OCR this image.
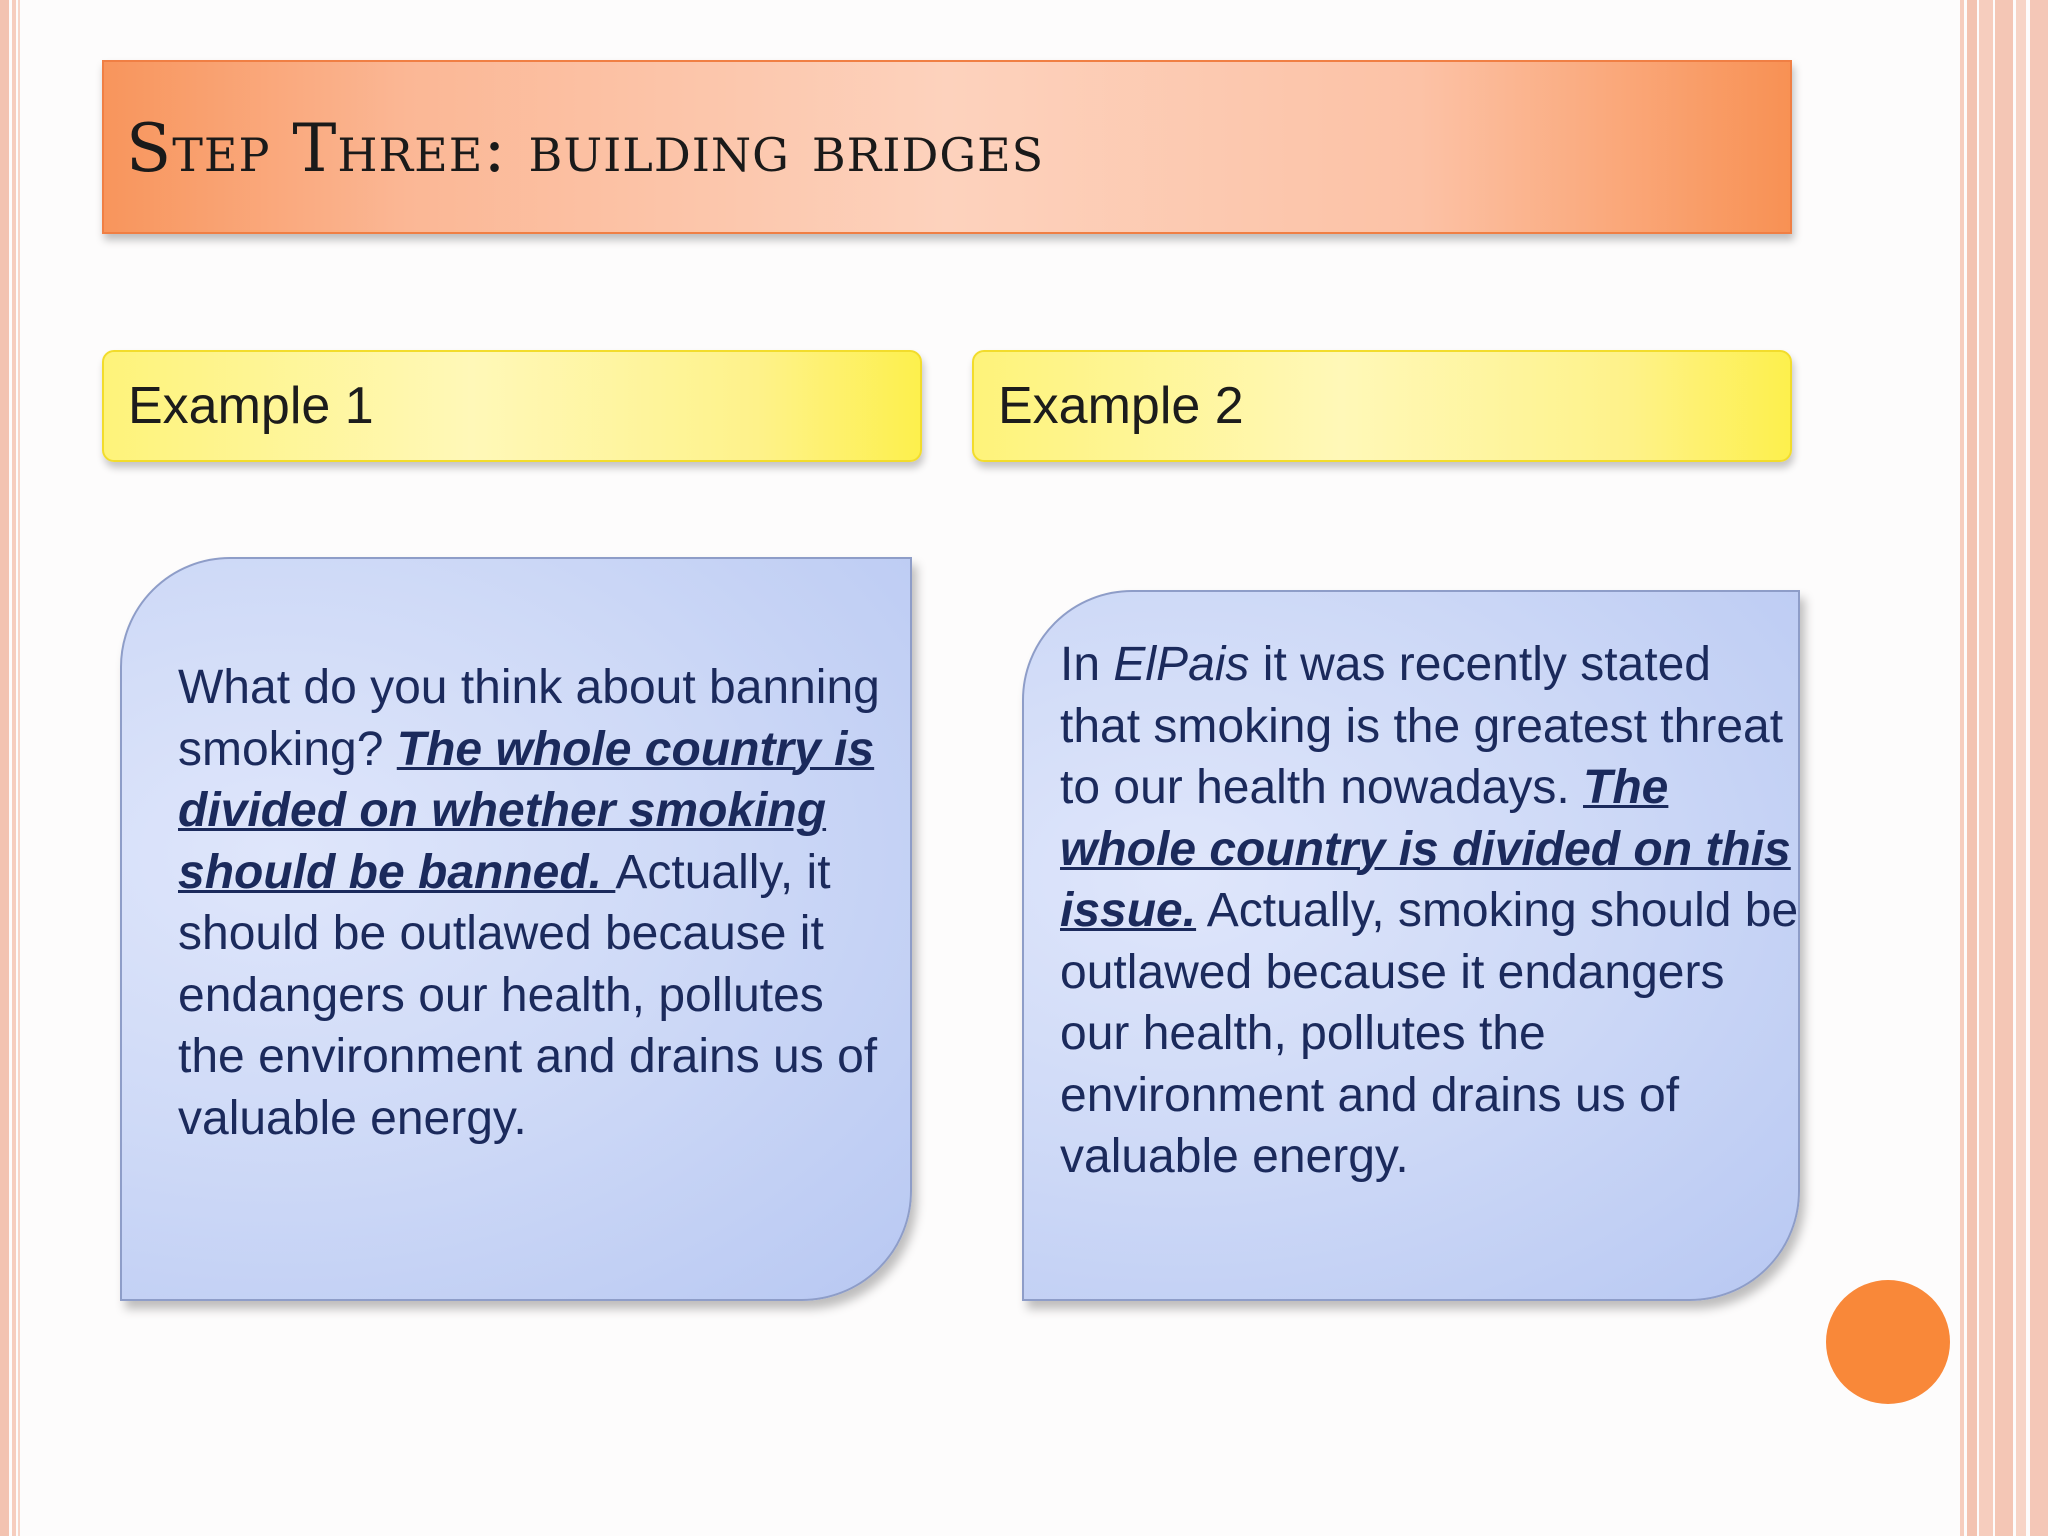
Step Three: building bridges
Example 1	Example 2
What do you think about banning smoking? The whole country is divided on whether smoking should be banned. Actually, it should be outlawed because it endangers our health, pollutes the environment and drains us of valuable energy.
In ElPais it was recently stated that smoking is the greatest threat to our health nowadays. The whole country is divided on this issue. Actually, smoking should be outlawed because it endangers our health, pollutes the environment and drains us of valuable energy.
